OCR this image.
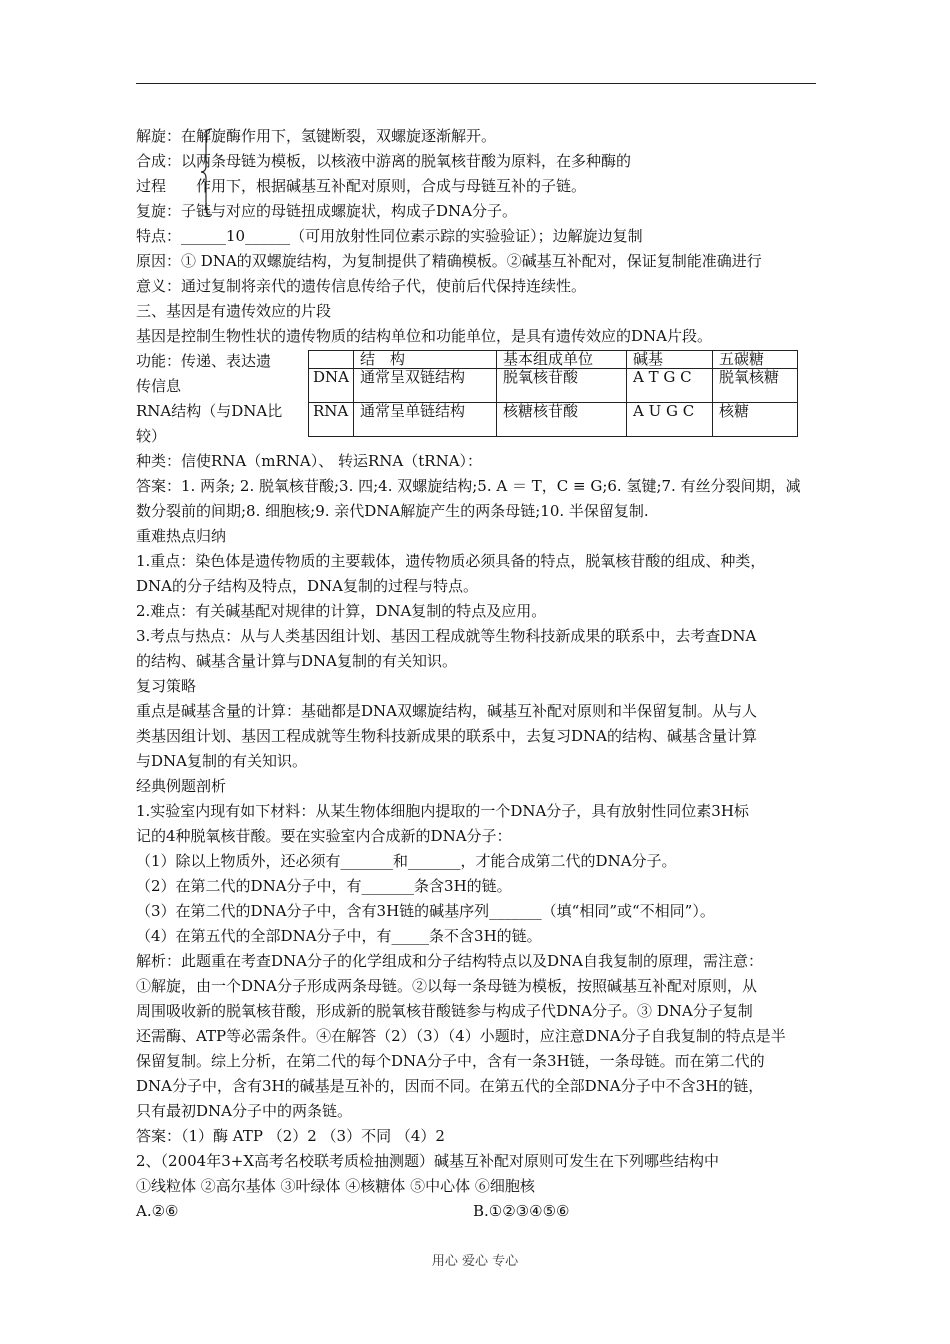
解旋：在解旋酶作用下，氢键断裂，双螺旋逐渐解开。
合成：以两条母链为模板，以核液中游离的脱氧核苷酸为原料，在多种酶的
过程　　作用下，根据碱基互补配对原则，合成与母链互补的子链。
复旋：子链与对应的母链扭成螺旋状，构成子DNA分子。
特点：______10______（可用放射性同位素示踪的实验验证）；边解旋边复制
原因：① DNA的双螺旋结构，为复制提供了精确模板。②碱基互补配对，保证复制能准确进行
意义：通过复制将亲代的遗传信息传给子代，使前后代保持连续性。
三、基因是有遗传效应的片段
基因是控制生物性状的遗传物质的结构单位和功能单位，是具有遗传效应的DNA片段。
功能：传递、表达遗
传信息
RNA结构（与DNA比
较）
	结　构	基本组成单位	碱基	五碳糖
DNA	通常呈双链结构	脱氧核苷酸	A T G C	脱氧核糖
RNA	通常呈单链结构	核糖核苷酸	A U G C	核糖
种类：信使RNA（mRNA）、 转运RNA（tRNA）：
答案：1. 两条; 2. 脱氧核苷酸;3. 四;4. 双螺旋结构;5. A ＝ T，C ≡ G;6. 氢键;7. 有丝分裂间期，减
数分裂前的间期;8. 细胞核;9. 亲代DNA解旋产生的两条母链;10. 半保留复制.
重难热点归纳
1.重点：染色体是遗传物质的主要载体，遗传物质必须具备的特点，脱氧核苷酸的组成、种类，
DNA的分子结构及特点，DNA复制的过程与特点。
2.难点：有关碱基配对规律的计算，DNA复制的特点及应用。
3.考点与热点：从与人类基因组计划、基因工程成就等生物科技新成果的联系中，去考查DNA
的结构、碱基含量计算与DNA复制的有关知识。
复习策略
重点是碱基含量的计算：基础都是DNA双螺旋结构，碱基互补配对原则和半保留复制。从与人
类基因组计划、基因工程成就等生物科技新成果的联系中，去复习DNA的结构、碱基含量计算
与DNA复制的有关知识。
经典例题剖析
1.实验室内现有如下材料：从某生物体细胞内提取的一个DNA分子，具有放射性同位素3H标
记的4种脱氧核苷酸。要在实验室内合成新的DNA分子：
（1）除以上物质外，还必须有_______和_______，才能合成第二代的DNA分子。
（2）在第二代的DNA分子中，有_______条含3H的链。
（3）在第二代的DNA分子中，含有3H链的碱基序列_______（填“相同”或“不相同”）。
（4）在第五代的全部DNA分子中，有_____条不含3H的链。
解析：此题重在考查DNA分子的化学组成和分子结构特点以及DNA自我复制的原理，需注意：
①解旋，由一个DNA分子形成两条母链。②以每一条母链为模板，按照碱基互补配对原则，从
周围吸收新的脱氧核苷酸，形成新的脱氧核苷酸链参与构成子代DNA分子。③ DNA分子复制
还需酶、ATP等必需条件。④在解答（2）（3）（4）小题时，应注意DNA分子自我复制的特点是半
保留复制。综上分析，在第二代的每个DNA分子中，含有一条3H链，一条母链。而在第二代的
DNA分子中，含有3H的碱基是互补的，因而不同。在第五代的全部DNA分子中不含3H的链，
只有最初DNA分子中的两条链。
答案：（1）酶 ATP （2）2 （3）不同 （4）2
2、（2004年3+X高考名校联考质检抽测题）碱基互补配对原则可发生在下列哪些结构中
①线粒体 ②高尔基体 ③叶绿体 ④核糖体 ⑤中心体 ⑥细胞核
A.②⑥	B.①②③④⑤⑥
用心 爱心 专心
